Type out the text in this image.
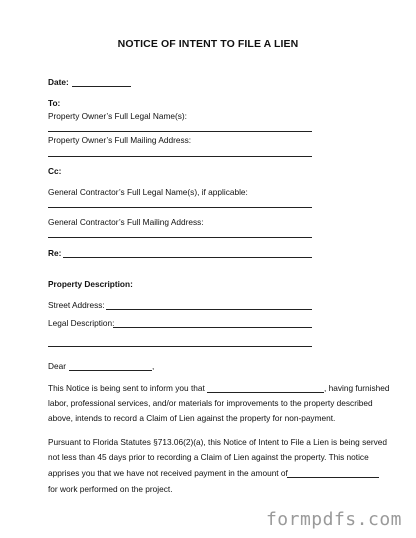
NOTICE OF INTENT TO FILE A LIEN
Date:
To:
Property Owner’s Full Legal Name(s):
Property Owner’s Full Mailing Address:
Cc:
General Contractor’s Full Legal Name(s), if applicable:
General Contractor’s Full Mailing Address:
Re:
Property Description:
Street Address:
Legal Description:
Dear	,
This Notice is being sent to inform you that	, having furnished
labor, professional services, and/or materials for improvements to the property described
above, intends to record a Claim of Lien against the property for non-payment.
Pursuant to Florida Statutes §713.06(2)(a), this Notice of Intent to File a Lien is being served
not less than 45 days prior to recording a Claim of Lien against the property. This notice
apprises you that we have not received payment in the amount of
for work performed on the project.
formpdfs.com
